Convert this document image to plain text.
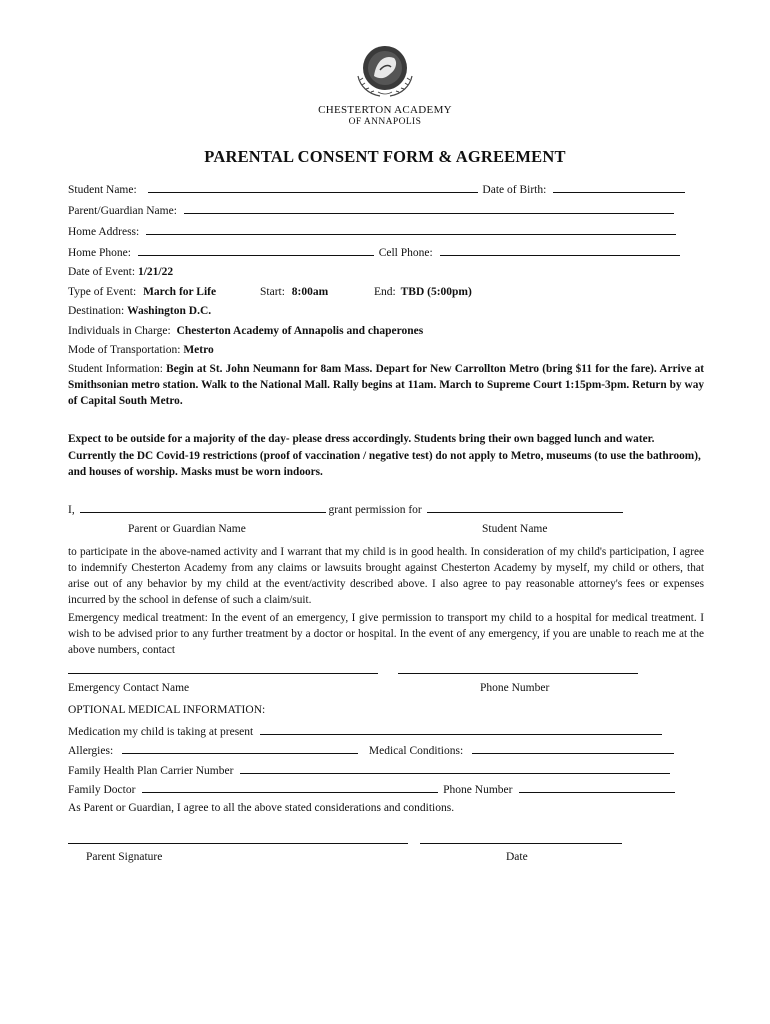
CHESTERTON ACADEMY
OF ANNAPOLIS
PARENTAL CONSENT FORM & AGREEMENT
Student Name:	Date of Birth:
Parent/Guardian Name:
Home Address:
Home Phone:	Cell Phone:
Date of Event: 1/21/22
Type of Event: March for Life	Start: 8:00am	End: TBD (5:00pm)
Destination: Washington D.C.
Individuals in Charge: Chesterton Academy of Annapolis and chaperones
Mode of Transportation: Metro
Student Information: Begin at St. John Neumann for 8am Mass. Depart for New Carrollton Metro (bring $11 for the fare). Arrive at Smithsonian metro station. Walk to the National Mall. Rally begins at 11am. March to Supreme Court 1:15pm-3pm. Return by way of Capital South Metro.
Expect to be outside for a majority of the day- please dress accordingly. Students bring their own bagged lunch and water. Currently the DC Covid-19 restrictions (proof of vaccination / negative test) do not apply to Metro, museums (to use the bathroom), and houses of worship. Masks must be worn indoors.
I,	grant permission for
Parent or Guardian Name	Student Name
to participate in the above-named activity and I warrant that my child is in good health. In consideration of my child's participation, I agree to indemnify Chesterton Academy from any claims or lawsuits brought against Chesterton Academy by myself, my child or others, that arise out of any behavior by my child at the event/activity described above. I also agree to pay reasonable attorney's fees or expenses incurred by the school in defense of such a claim/suit.
Emergency medical treatment: In the event of an emergency, I give permission to transport my child to a hospital for medical treatment. I wish to be advised prior to any further treatment by a doctor or hospital. In the event of any emergency, if you are unable to reach me at the above numbers, contact
Emergency Contact Name	Phone Number
OPTIONAL MEDICAL INFORMATION:
Medication my child is taking at present
Allergies:	Medical Conditions:
Family Health Plan Carrier Number
Family Doctor	Phone Number
As Parent or Guardian, I agree to all the above stated considerations and conditions.
Parent Signature	Date
